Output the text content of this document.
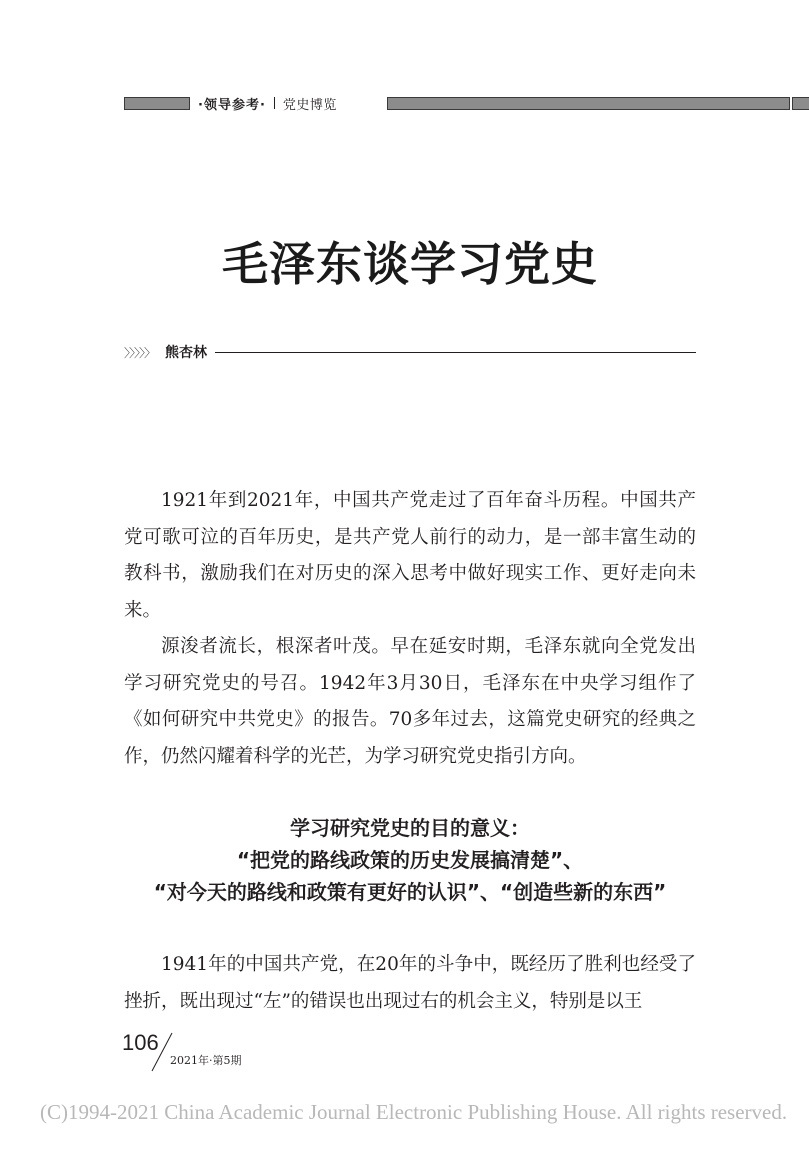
·领导参考· 党史博览
毛泽东谈学习党史
〉〉〉〉〉 熊杏林

1921年到2021年，中国共产党走过了百年奋斗历程。中国共产党可歌可泣的百年历史，是共产党人前行的动力，是一部丰富生动的教科书，激励我们在对历史的深入思考中做好现实工作、更好走向未来。

源浚者流长，根深者叶茂。早在延安时期，毛泽东就向全党发出学习研究党史的号召。1942年3月30日，毛泽东在中央学习组作了《如何研究中共党史》的报告。70多年过去，这篇党史研究的经典之作，仍然闪耀着科学的光芒，为学习研究党史指引方向。

学习研究党史的目的意义：
“把党的路线政策的历史发展搞清楚”、
“对今天的路线和政策有更好的认识”、“创造些新的东西”

1941年的中国共产党，在20年的斗争中，既经历了胜利也经受了挫折，既出现过“左”的错误也出现过右的机会主义，特别是以王

106
2021年·第5期
(C)1994-2021 China Academic Journal Electronic Publishing House. All rights reserved.
